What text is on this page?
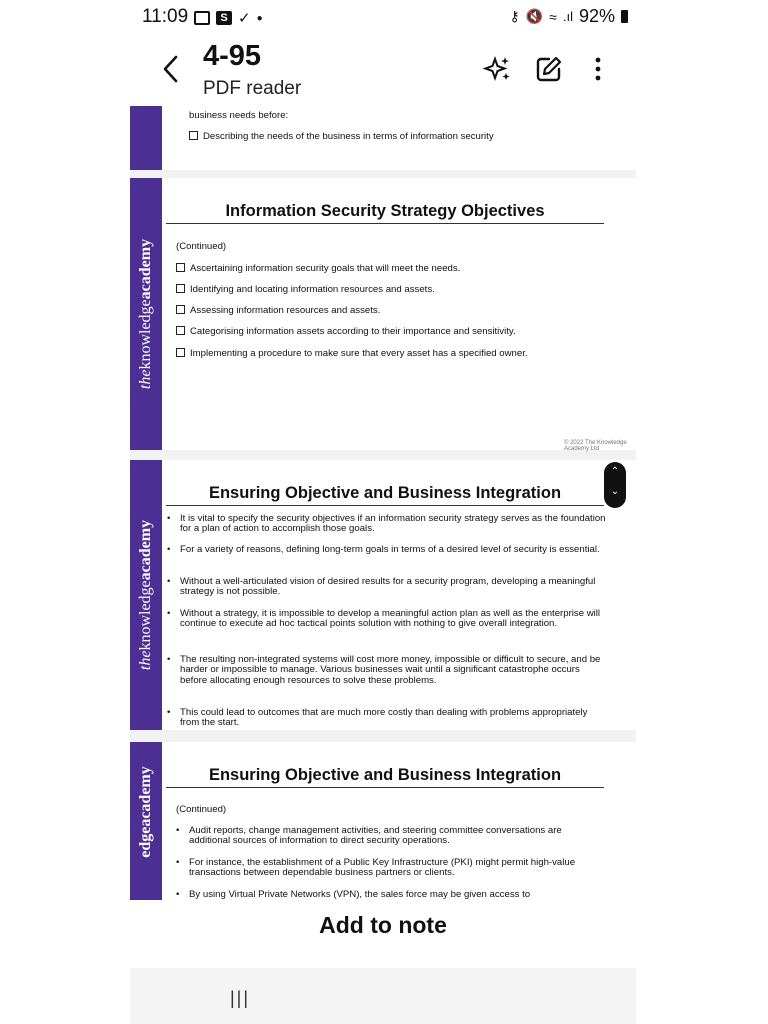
11:09	S ✓ ●	⚷ 🔇 ≈ .ıl 92%
4-95
PDF reader
business needs before:
Describing the needs of the business in terms of information security
theknowledgeacademy
Information Security Strategy Objectives
(Continued)
Ascertaining information security goals that will meet the needs.
Identifying and locating information resources and assets.
Assessing information resources and assets.
Categorising information assets according to their importance and sensitivity.
Implementing a procedure to make sure that every asset has a specified owner.
© 2022 The Knowledge Academy Ltd
theknowledgeacademy
Ensuring Objective and Business Integration
• It is vital to specify the security objectives if an information security strategy serves as the foundation for a plan of action to accomplish those goals.
• For a variety of reasons, defining long-term goals in terms of a desired level of security is essential.
• Without a well-articulated vision of desired results for a security program, developing a meaningful strategy is not possible.
• Without a strategy, it is impossible to develop a meaningful action plan as well as the enterprise will continue to execute ad hoc tactical points solution with nothing to give overall integration.
• The resulting non-integrated systems will cost more money, impossible or difficult to secure, and be harder or impossible to manage. Various businesses wait until a significant catastrophe occurs before allocating enough resources to solve these problems.
• This could lead to outcomes that are much more costly than dealing with problems appropriately from the start.
edgeacademy	Ensuring Objective and Business Integration
(Continued)
• Audit reports, change management activities, and steering committee conversations are additional sources of information to direct security operations.
• For instance, the establishment of a Public Key Infrastructure (PKI) might permit high-value transactions between dependable business partners or clients.
• By using Virtual Private Networks (VPN), the sales force may be given access to
⌃
⌄
Add to note
|||
